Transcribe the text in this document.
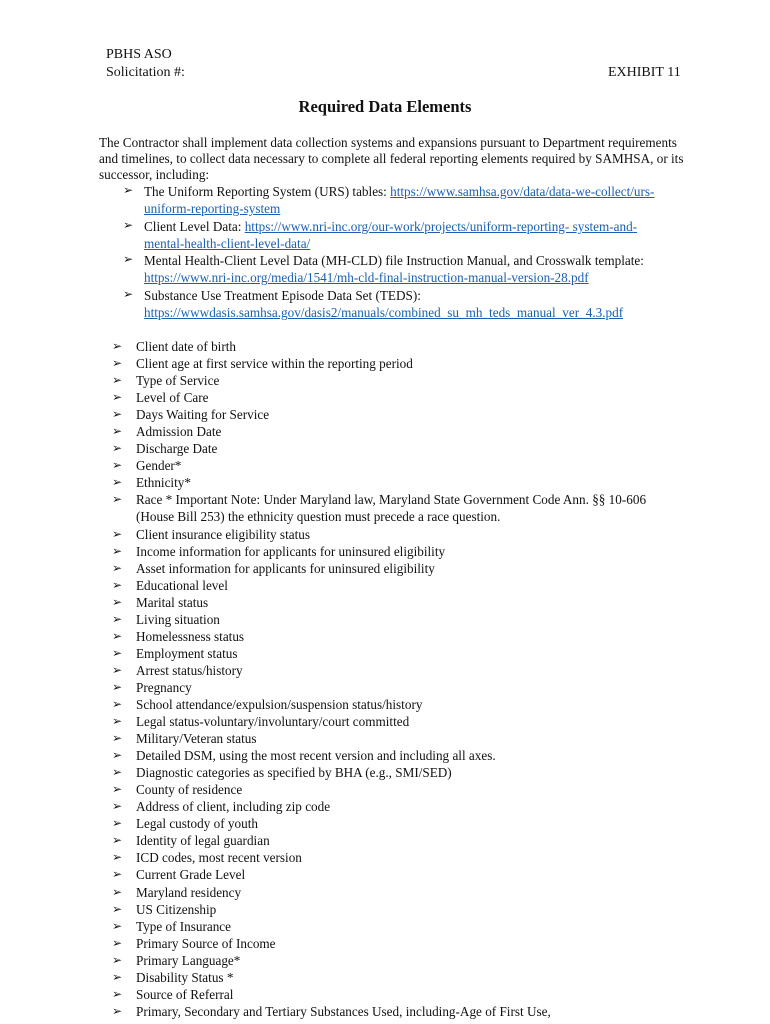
PBHS ASO
Solicitation #:	EXHIBIT 11
Required Data Elements
The Contractor shall implement data collection systems and expansions pursuant to Department requirements and timelines, to collect data necessary to complete all federal reporting elements required by SAMHSA, or its successor, including:
➢ The Uniform Reporting System (URS) tables: https://www.samhsa.gov/data/data-we-collect/urs-
uniform-reporting-system
➢ Client Level Data: https://www.nri-inc.org/our-work/projects/uniform-reporting- system-and-
mental-health-client-level-data/
➢ Mental Health-Client Level Data (MH-CLD) file Instruction Manual, and Crosswalk template:
https://www.nri-inc.org/media/1541/mh-cld-final-instruction-manual-version-28.pdf
➢ Substance Use Treatment Episode Data Set (TEDS):
https://wwwdasis.samhsa.gov/dasis2/manuals/combined_su_mh_teds_manual_ver_4.3.pdf
➢ Client date of birth
➢ Client age at first service within the reporting period
➢ Type of Service
➢ Level of Care
➢ Days Waiting for Service
➢ Admission Date
➢ Discharge Date
➢ Gender*
➢ Ethnicity*
➢ Race * Important Note: Under Maryland law, Maryland State Government Code Ann. §§ 10-606 (House Bill 253) the ethnicity question must precede a race question.
➢ Client insurance eligibility status
➢ Income information for applicants for uninsured eligibility
➢ Asset information for applicants for uninsured eligibility
➢ Educational level
➢ Marital status
➢ Living situation
➢ Homelessness status
➢ Employment status
➢ Arrest status/history
➢ Pregnancy
➢ School attendance/expulsion/suspension status/history
➢ Legal status-voluntary/involuntary/court committed
➢ Military/Veteran status
➢ Detailed DSM, using the most recent version and including all axes.
➢ Diagnostic categories as specified by BHA (e.g., SMI/SED)
➢ County of residence
➢ Address of client, including zip code
➢ Legal custody of youth
➢ Identity of legal guardian
➢ ICD codes, most recent version
➢ Current Grade Level
➢ Maryland residency
➢ US Citizenship
➢ Type of Insurance
➢ Primary Source of Income
➢ Primary Language*
➢ Disability Status *
➢ Source of Referral
➢ Primary, Secondary and Tertiary Substances Used, including-Age of First Use,
